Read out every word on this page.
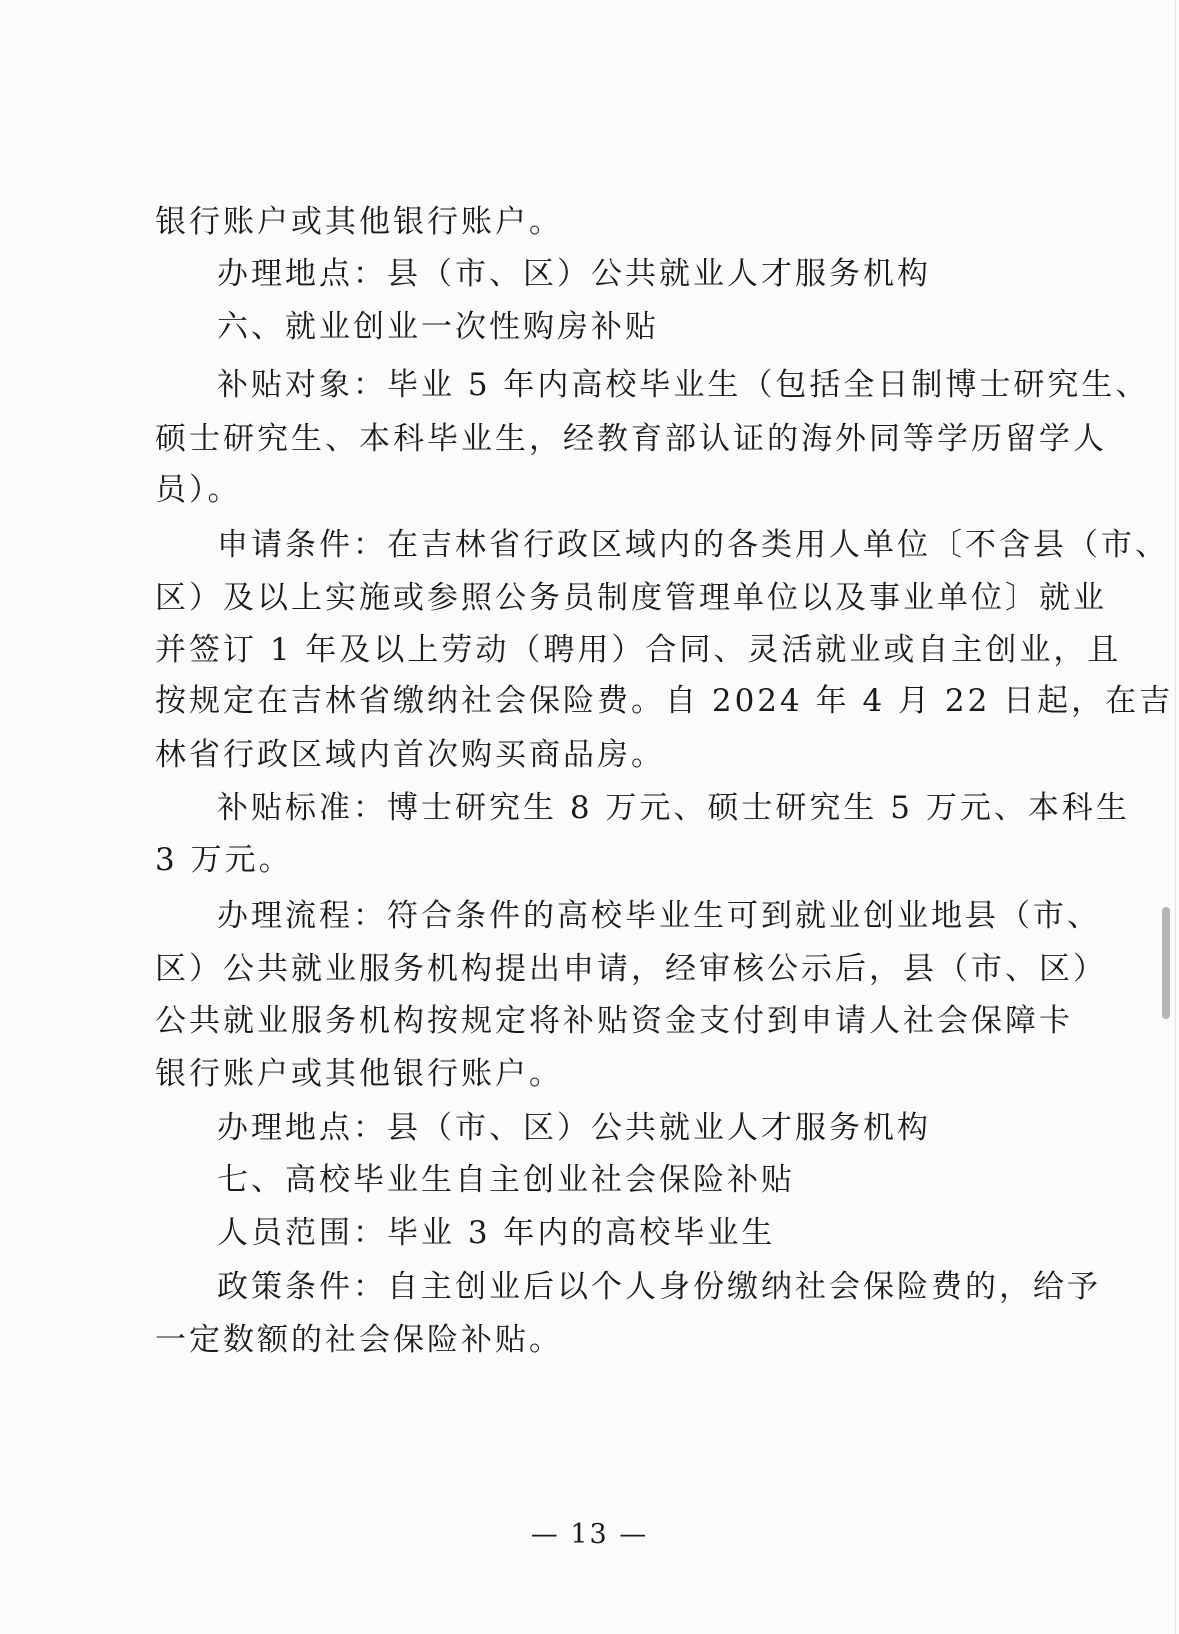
银行账户或其他银行账户。
办理地点：县（市、区）公共就业人才服务机构
六、就业创业一次性购房补贴
补贴对象：毕业 5 年内高校毕业生（包括全日制博士研究生、
硕士研究生、本科毕业生，经教育部认证的海外同等学历留学人
员）。
申请条件：在吉林省行政区域内的各类用人单位〔不含县（市、
区）及以上实施或参照公务员制度管理单位以及事业单位〕就业
并签订 1 年及以上劳动（聘用）合同、灵活就业或自主创业，且
按规定在吉林省缴纳社会保险费。自 2024 年 4 月 22 日起，在吉
林省行政区域内首次购买商品房。
补贴标准：博士研究生 8 万元、硕士研究生 5 万元、本科生
3 万元。
办理流程：符合条件的高校毕业生可到就业创业地县（市、
区）公共就业服务机构提出申请，经审核公示后，县（市、区）
公共就业服务机构按规定将补贴资金支付到申请人社会保障卡
银行账户或其他银行账户。
办理地点：县（市、区）公共就业人才服务机构
七、高校毕业生自主创业社会保险补贴
人员范围：毕业 3 年内的高校毕业生
政策条件：自主创业后以个人身份缴纳社会保险费的，给予
一定数额的社会保险补贴。
— 13 —
